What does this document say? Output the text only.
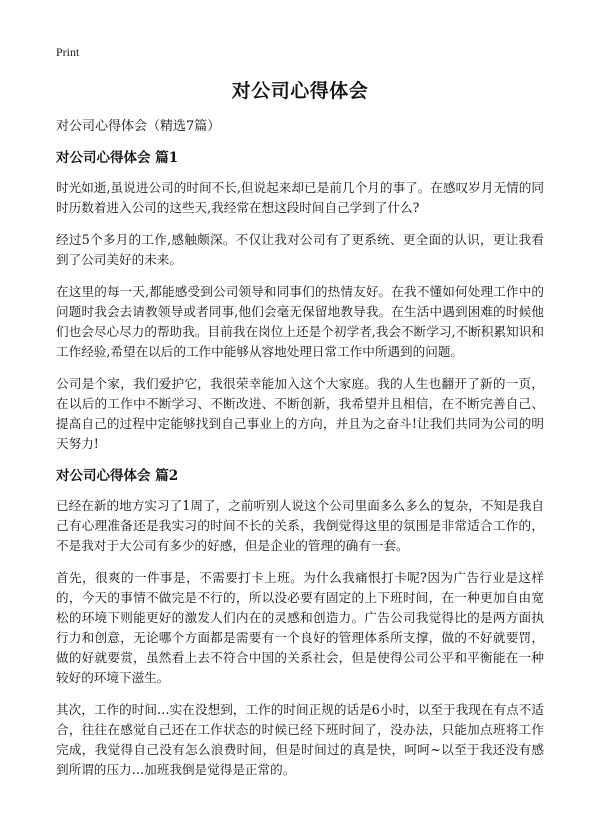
Print
对公司心得体会

对公司心得体会（精选7篇）

对公司心得体会 篇1

时光如逝,虽说进公司的时间不长,但说起来却已是前几个月的事了。在感叹岁月无情的同时历数着进入公司的这些天,我经常在想这段时间自己学到了什么?

经过5个多月的工作,感触颇深。不仅让我对公司有了更系统、更全面的认识，更让我看到了公司美好的未来。

在这里的每一天,都能感受到公司领导和同事们的热情友好。在我不懂如何处理工作中的问题时我会去请教领导或者同事,他们会毫无保留地教导我。在生活中遇到困难的时候他们也会尽心尽力的帮助我。目前我在岗位上还是个初学者,我会不断学习,不断积累知识和工作经验,希望在以后的工作中能够从容地处理日常工作中所遇到的问题。

公司是个家，我们爱护它，我很荣幸能加入这个大家庭。我的人生也翻开了新的一页，在以后的工作中不断学习、不断改进、不断创新，我希望并且相信，在不断完善自己、提高自己的过程中定能够找到自己事业上的方向，并且为之奋斗!让我们共同为公司的明天努力!

对公司心得体会 篇2

已经在新的地方实习了1周了，之前听别人说这个公司里面多么多么的复杂，不知是我自己有心理准备还是我实习的时间不长的关系，我倒觉得这里的氛围是非常适合工作的，不是我对于大公司有多少的好感，但是企业的管理的确有一套。

首先，很爽的一件事是，不需要打卡上班。为什么我痛恨打卡呢?因为广告行业是这样的，今天的事情不做完是不行的，所以没必要有固定的上下班时间，在一种更加自由宽松的环境下则能更好的激发人们内在的灵感和创造力。广告公司我觉得比的是两方面执行力和创意，无论哪个方面都是需要有一个良好的管理体系所支撑，做的不好就要罚，做的好就要赏，虽然看上去不符合中国的关系社会，但是使得公司公平和平衡能在一种较好的环境下滋生。

其次，工作的时间…实在没想到，工作的时间正规的话是6小时，以至于我现在有点不适合，往往在感觉自己还在工作状态的时候已经下班时间了，没办法，只能加点班将工作完成，我觉得自己没有怎么浪费时间，但是时间过的真是快，呵呵~以至于我还没有感到所谓的压力…加班我倒是觉得是正常的。
